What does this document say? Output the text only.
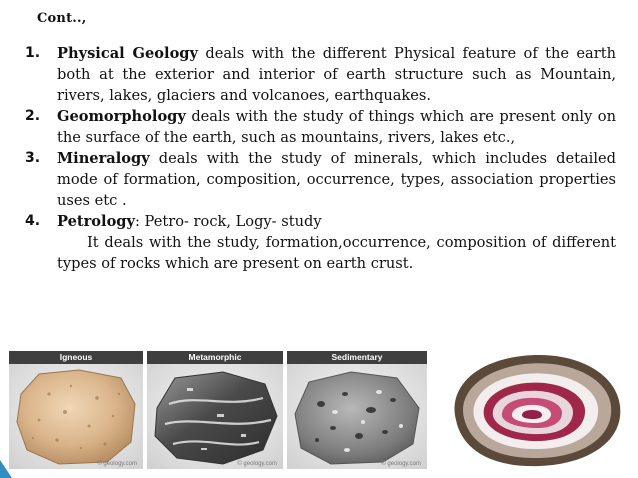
Cont..,
1. Physical Geology deals with the different Physical feature of the earth both at the exterior and interior of earth structure such as Mountain, rivers, lakes, glaciers and volcanoes, earthquakes.
2. Geomorphology deals with the study of things which are present only on the surface of the earth, such as mountains, rivers, lakes etc.,
3. Mineralogy deals with the study of minerals, which includes detailed mode of formation, composition, occurrence, types, association properties uses etc .
4. Petrology: Petro- rock, Logy- study
It deals with the study, formation,occurrence, composition of different types of rocks which are present on earth crust.
Igneous
© geology.com
Metamorphic
© geology.com
Sedimentary
© geology.com
